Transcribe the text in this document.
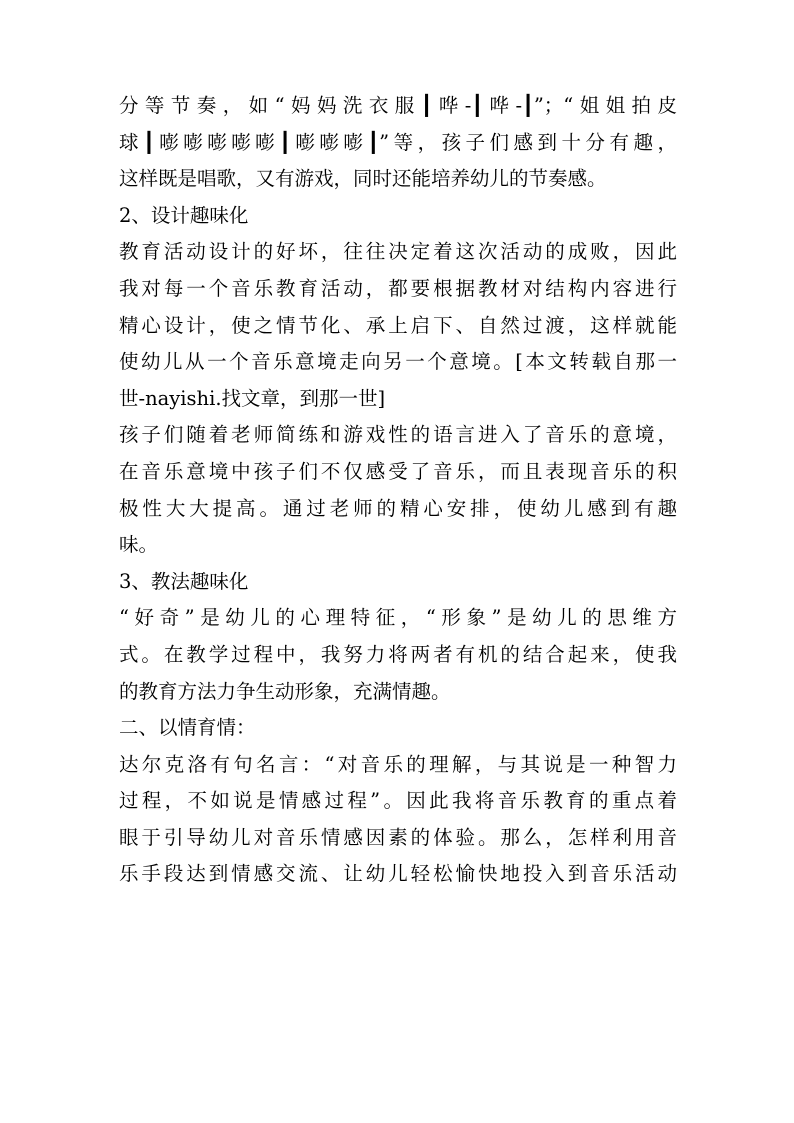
分等节奏，如“妈妈洗衣服┃哗-┃哗-┃”；“姐姐拍皮
球┃嘭嘭嘭嘭嘭┃嘭嘭嘭┃”等，孩子们感到十分有趣，
这样既是唱歌，又有游戏，同时还能培养幼儿的节奏感。
2、设计趣味化
教育活动设计的好坏，往往决定着这次活动的成败，因此
我对每一个音乐教育活动，都要根据教材对结构内容进行
精心设计，使之情节化、承上启下、自然过渡，这样就能
使幼儿从一个音乐意境走向另一个意境。[本文转载自那一
世-nayishi.找文章，到那一世]
孩子们随着老师简练和游戏性的语言进入了音乐的意境，
在音乐意境中孩子们不仅感受了音乐，而且表现音乐的积
极性大大提高。通过老师的精心安排，使幼儿感到有趣
味。
3、教法趣味化
“好奇”是幼儿的心理特征，“形象”是幼儿的思维方
式。在教学过程中，我努力将两者有机的结合起来，使我
的教育方法力争生动形象，充满情趣。
二、以情育情：
达尔克洛有句名言：“对音乐的理解，与其说是一种智力
过程，不如说是情感过程”。因此我将音乐教育的重点着
眼于引导幼儿对音乐情感因素的体验。那么，怎样利用音
乐手段达到情感交流、让幼儿轻松愉快地投入到音乐活动
